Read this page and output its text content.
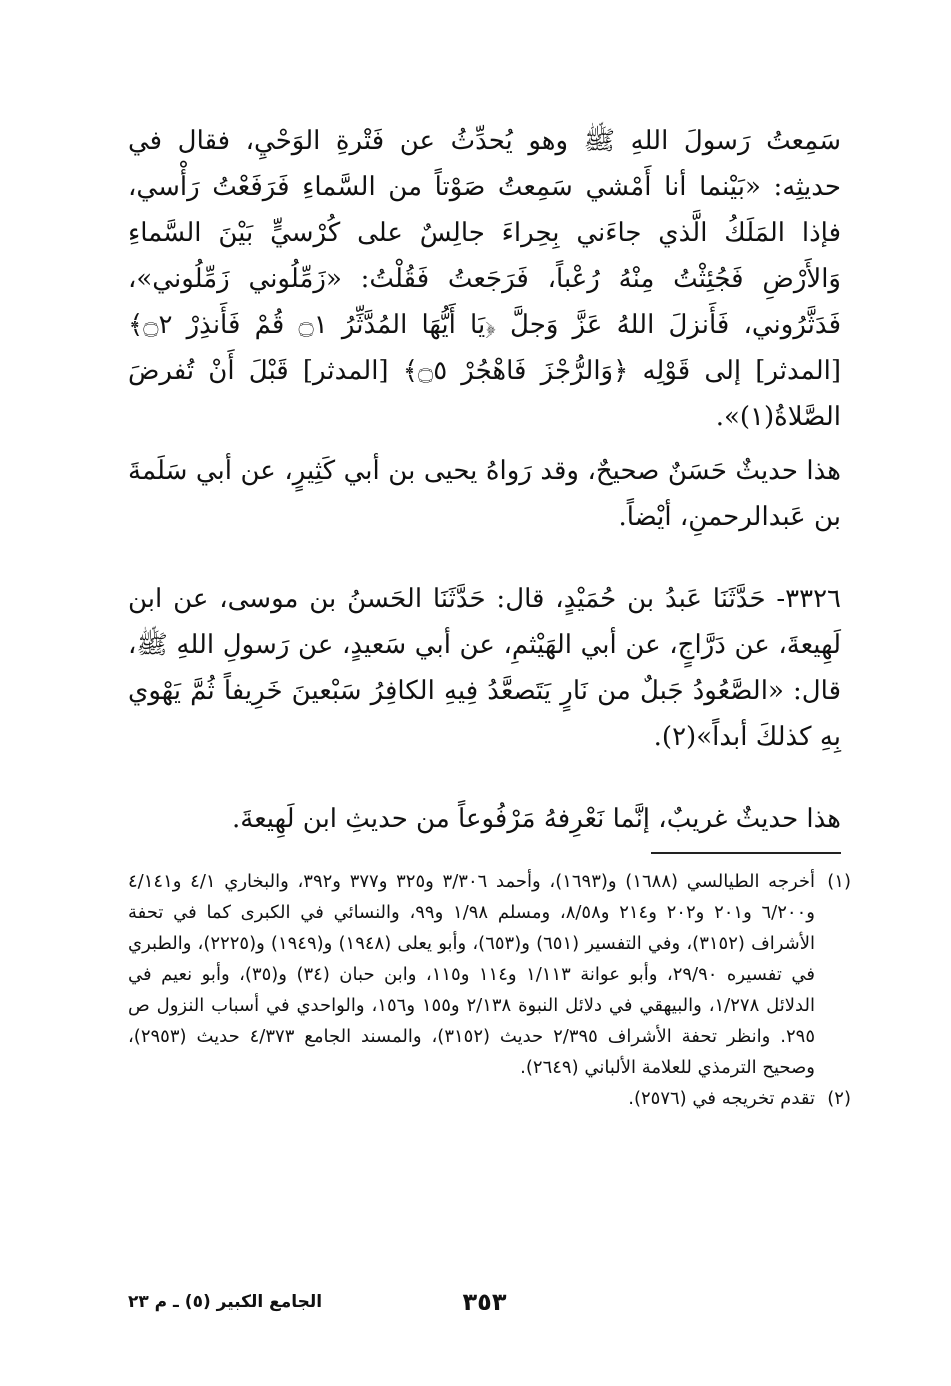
سَمِعتُ رَسولَ اللهِ ﷺ وهو يُحدِّثُ عن فَتْرةِ الوَحْيِ، فقال في حديثِه: «بَيْنما أنا أَمْشي سَمِعتُ صَوْتاً من السَّماءِ فَرَفَعْتُ رَأْسي، فإذا المَلَكُ الَّذي جاءَني بِحِراءَ جالِسٌ على كُرْسيٍّ بَيْنَ السَّماءِ وَالأَرْضِ فَجُئِثْتُ مِنْهُ رُعْباً، فَرَجَعتُ فَقُلْتُ: «زَمِّلُوني زَمِّلُوني»، فَدَثَّرُوني، فَأَنزلَ اللهُ عَزَّ وَجلَّ ﴿يَا أَيُّهَا المُدَّثِّرُ ۝١ قُمْ فَأَنذِرْ ۝٢﴾ [المدثر] إلى قَوْلِه ﴿وَالرُّجْزَ فَاهْجُرْ ۝٥﴾ [المدثر] قَبْلَ أَنْ تُفرضَ الصَّلاةُ(١)».

هذا حديثٌ حَسَنٌ صحيحٌ، وقد رَواهُ يحيى بن أبي كَثِيرٍ، عن أبي سَلَمةَ بن عَبدالرحمنِ، أيْضاً.

٣٣٢٦- حَدَّثَنَا عَبدُ بن حُمَيْدٍ، قال: حَدَّثَنَا الحَسنُ بن موسى، عن ابن لَهِيعةَ، عن دَرَّاجٍ، عن أبي الهَيْثمِ، عن أبي سَعيدٍ، عن رَسولِ اللهِ ﷺ، قال: «الصَّعُودُ جَبلٌ من نَارٍ يَتَصعَّدُ فِيهِ الكافِرُ سَبْعينَ خَرِيفاً ثُمَّ يَهْوي بِهِ كذلكَ أبداً»(٢).

هذا حديثٌ غريبٌ، إنَّما نَعْرِفهُ مَرْفُوعاً من حديثِ ابن لَهِيعةَ.

(١)
أخرجه الطيالسي (١٦٨٨) و(١٦٩٣)، وأحمد ٣/٣٠٦ و٣٢٥ و٣٧٧ و٣٩٢، والبخاري ٤/١ و٤/١٤١ و٦/٢٠٠ و٢٠١ و٢٠٢ و٢١٤ و٨/٥٨، ومسلم ١/٩٨ و٩٩، والنسائي في الكبرى كما في تحفة الأشراف (٣١٥٢)، وفي التفسير (٦٥١) و(٦٥٣)، وأبو يعلى (١٩٤٨) و(١٩٤٩) و(٢٢٢٥)، والطبري في تفسيره ٢٩/٩٠، وأبو عوانة ١/١١٣ و١١٤ و١١٥، وابن حبان (٣٤) و(٣٥)، وأبو نعيم في الدلائل ١/٢٧٨، والبيهقي في دلائل النبوة ٢/١٣٨ و١٥٥ و١٥٦، والواحدي في أسباب النزول ص ٢٩٥. وانظر تحفة الأشراف ٢/٣٩٥ حديث (٣١٥٢)، والمسند الجامع ٤/٣٧٣ حديث (٢٩٥٣)، وصحيح الترمذي للعلامة الألباني (٢٦٤٩).
(٢)
تقدم تخريجه في (٢٥٧٦).
٣٥٣
الجامع الكبير (٥) ـ م ٢٣
